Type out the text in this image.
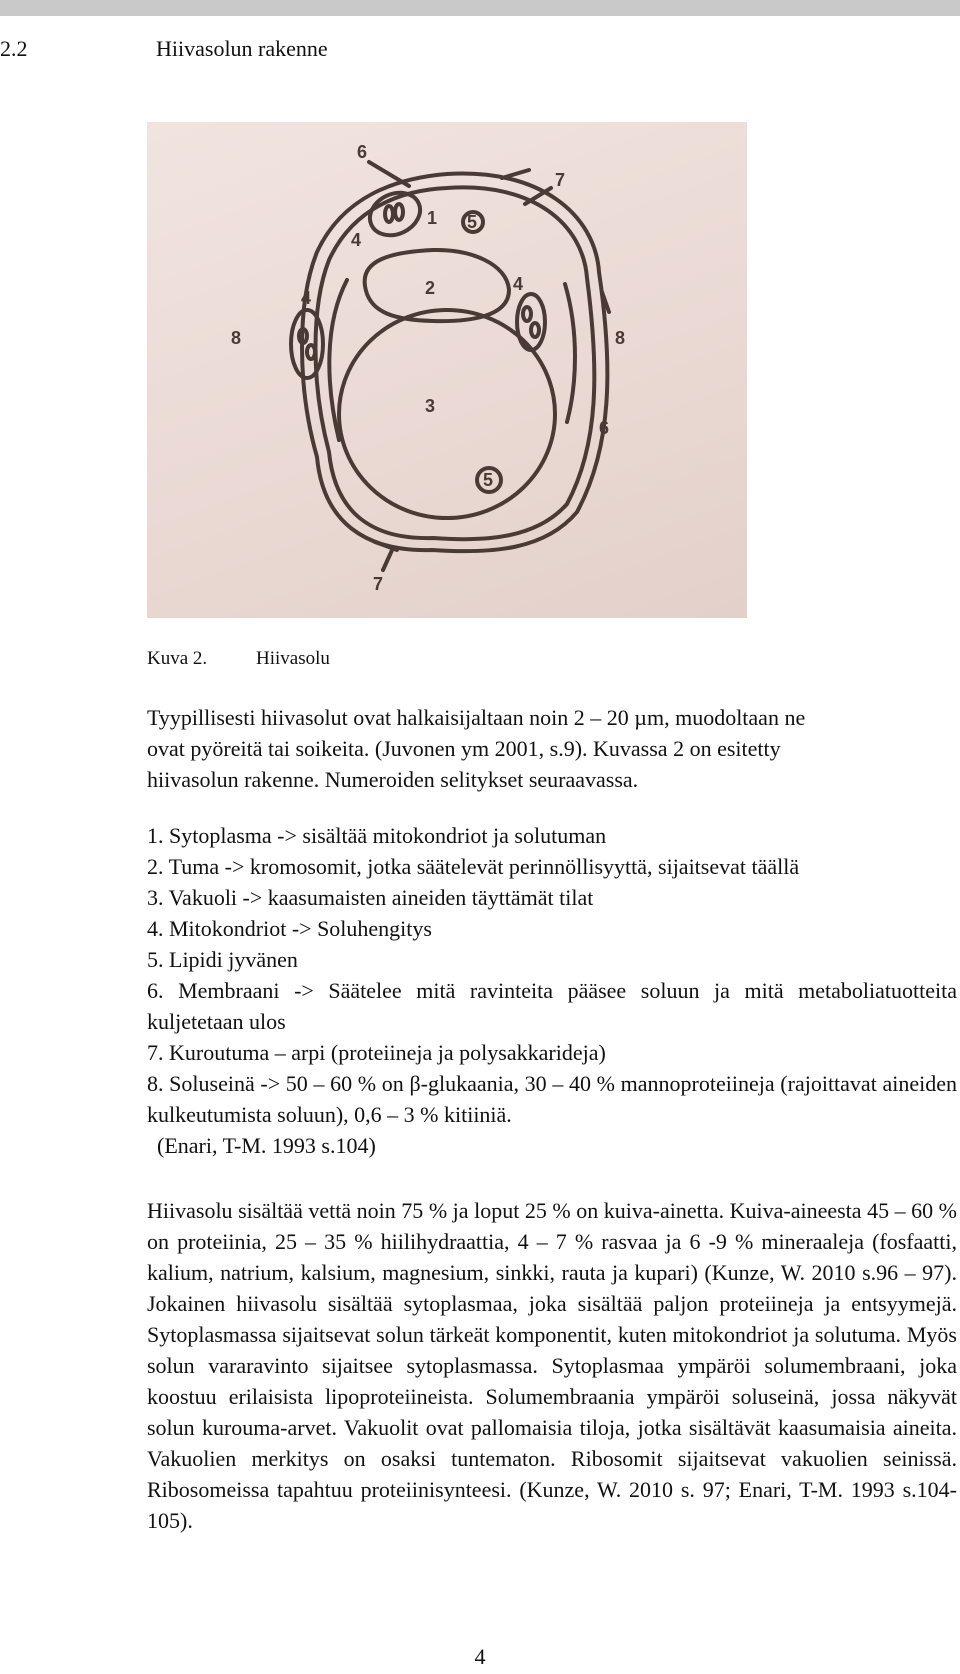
2.2	Hiivasolun rakenne
1
2
3
4
4
4
5
5
6
6
7
7
8	8
Kuva 2.	Hiivasolu

Tyypillisesti hiivasolut ovat halkaisijaltaan noin 2 – 20 µm, muodoltaan ne

ovat pyöreitä tai soikeita. (Juvonen ym 2001, s.9). Kuvassa 2 on esitetty

hiivasolun rakenne. Numeroiden selitykset seuraavassa.

1. Sytoplasma -> sisältää mitokondriot ja solutuman
2. Tuma -> kromosomit, jotka säätelevät perinnöllisyyttä, sijaitsevat täällä
3. Vakuoli -> kaasumaisten aineiden täyttämät tilat
4. Mitokondriot -> Soluhengitys
5. Lipidi jyvänen
6. Membraani -> Säätelee mitä ravinteita pääsee soluun ja mitä metaboliatuotteita kuljetetaan ulos
7. Kuroutuma – arpi (proteiineja ja polysakkarideja)
8. Soluseinä -> 50 – 60 % on β-glukaania, 30 – 40 % mannoproteiineja (rajoittavat aineiden kulkeutumista soluun), 0,6 – 3 % kitiiniä.
(Enari, T-M. 1993 s.104)

Hiivasolu sisältää vettä noin 75 % ja loput 25 % on kuiva-ainetta. Kuiva-aineesta 45 – 60 % on proteiinia, 25 – 35 % hiilihydraattia, 4 – 7 % rasvaa ja 6 -9 % mineraaleja (fosfaatti, kalium, natrium, kalsium, magnesium, sinkki, rauta ja kupari) (Kunze, W. 2010 s.96 – 97). Jokainen hiivasolu sisältää sytoplasmaa, joka sisältää paljon proteiineja ja entsyymejä. Sytoplasmassa sijaitsevat solun tärkeät komponentit, kuten mitokondriot ja solutuma. Myös solun vararavinto sijaitsee sytoplasmassa. Sytoplasmaa ympäröi solumembraani, joka koostuu erilaisista lipoproteiineista. Solumembraania ympäröi soluseinä, jossa näkyvät solun kurouma-arvet. Vakuolit ovat pallomaisia tiloja, jotka sisältävät kaasumaisia aineita. Vakuolien merkitys on osaksi tuntematon. Ribosomit sijaitsevat vakuolien seinissä. Ribosomeissa tapahtuu proteiinisynteesi. (Kunze, W. 2010 s. 97; Enari, T-M. 1993 s.104-105).

4
